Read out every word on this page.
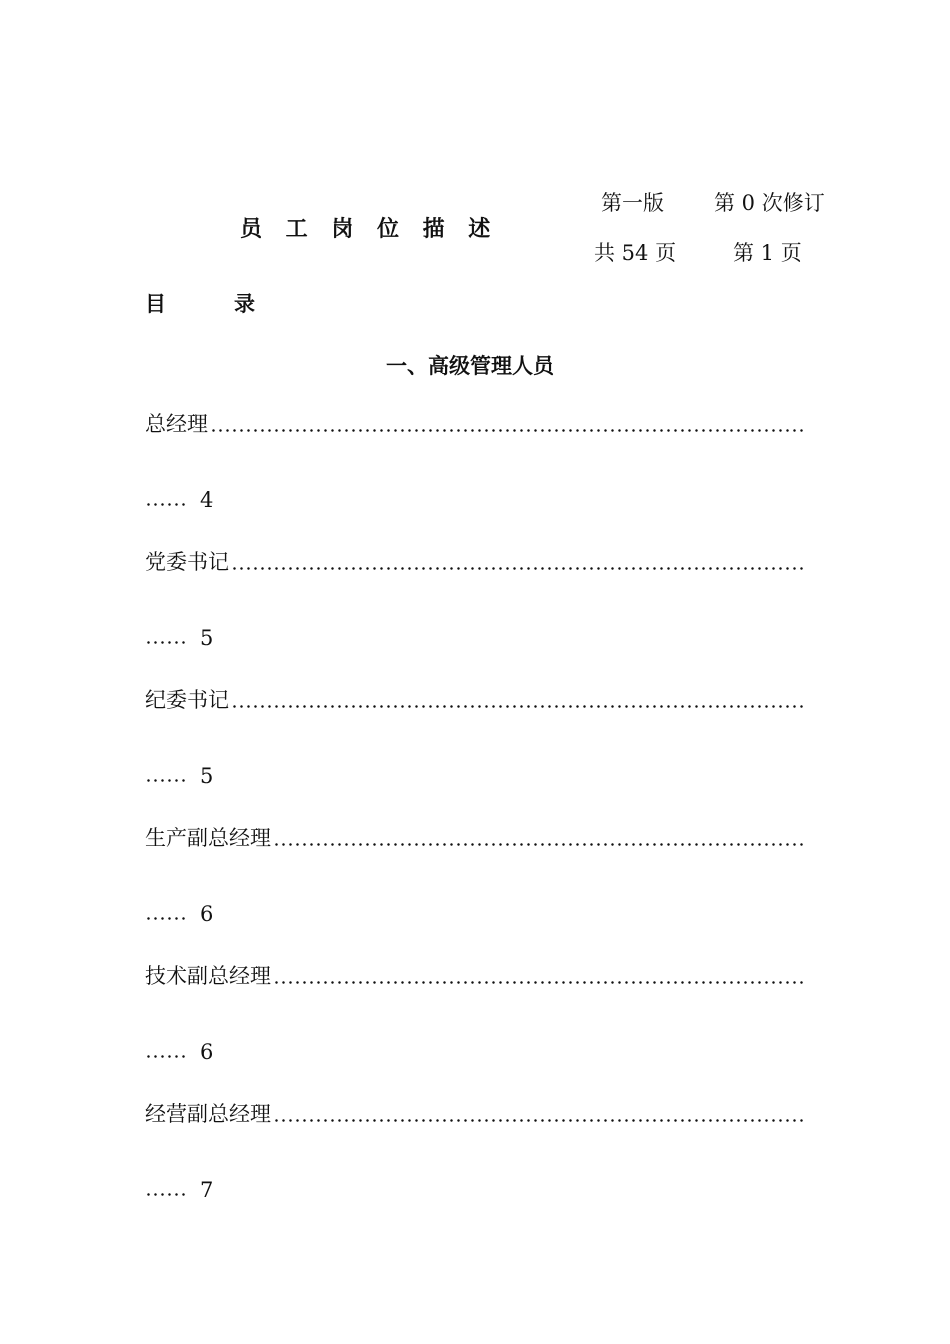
员 工 岗 位 描 述
第一版 第 0 次修订
共 54 页	第 1 页
目	录
一、高级管理人员
总经理
4
党委书记
5
纪委书记
5
生产副总经理
6
技术副总经理
6
经营副总经理
7
